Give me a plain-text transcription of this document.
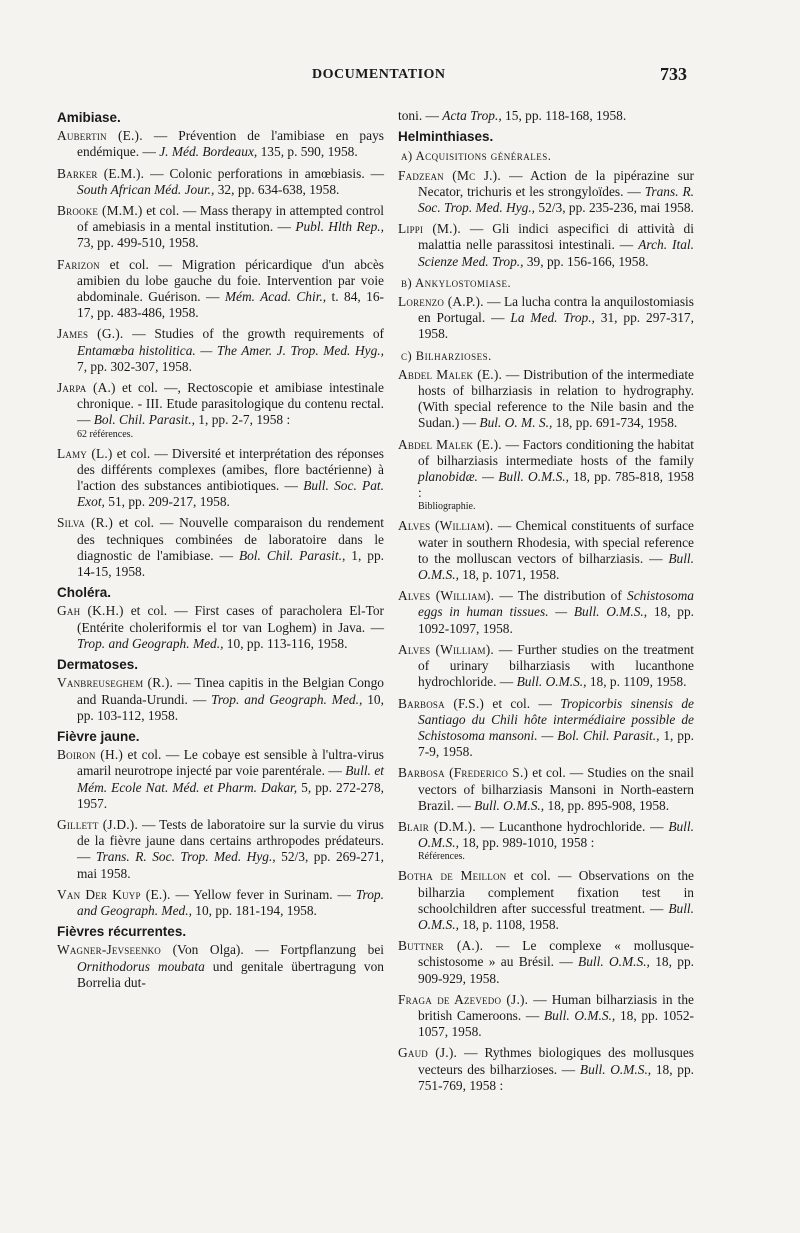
DOCUMENTATION	733
Amibiase.
Aubertin (E.). — Prévention de l'amibiase en pays endémique. — J. Méd. Bordeaux, 135, p. 590, 1958.
Barker (E.M.). — Colonic perforations in amœbiasis. — South African Méd. Jour., 32, pp. 634-638, 1958.
Brooke (M.M.) et col. — Mass therapy in attempted control of amebiasis in a mental institution. — Publ. Hlth Rep., 73, pp. 499-510, 1958.
Farizon et col. — Migration péricardique d'un abcès amibien du lobe gauche du foie. Intervention par voie abdominale. Guérison. — Mém. Acad. Chir., t. 84, 16-17, pp. 483-486, 1958.
James (G.). — Studies of the growth requirements of Entamœba histolitica. — The Amer. J. Trop. Med. Hyg., 7, pp. 302-307, 1958.
Jarpa (A.) et col. —, Rectoscopie et amibiase intestinale chronique. - III. Etude parasitologique du contenu rectal. — Bol. Chil. Parasit., 1, pp. 2-7, 1958 :
62 références.
Lamy (L.) et col. — Diversité et interprétation des réponses des différents complexes (amibes, flore bactérienne) à l'action des substances antibiotiques. — Bull. Soc. Pat. Exot, 51, pp. 209-217, 1958.
Silva (R.) et col. — Nouvelle comparaison du rendement des techniques combinées de laboratoire dans le diagnostic de l'amibiase. — Bol. Chil. Parasit., 1, pp. 14-15, 1958.
Choléra.
Gah (K.H.) et col. — First cases of paracholera El-Tor (Entérite choleriformis el tor van Loghem) in Java. — Trop. and Geograph. Med., 10, pp. 113-116, 1958.
Dermatoses.
Vanbreuseghem (R.). — Tinea capitis in the Belgian Congo and Ruanda-Urundi. — Trop. and Geograph. Med., 10, pp. 103-112, 1958.
Fièvre jaune.
Boiron (H.) et col. — Le cobaye est sensible à l'ultra-virus amaril neurotrope injecté par voie parentérale. — Bull. et Mém. Ecole Nat. Méd. et Pharm. Dakar, 5, pp. 272-278, 1957.
Gillett (J.D.). — Tests de laboratoire sur la survie du virus de la fièvre jaune dans certains arthropodes prédateurs. — Trans. R. Soc. Trop. Med. Hyg., 52/3, pp. 269-271, mai 1958.
Van Der Kuyp (E.). — Yellow fever in Surinam. — Trop. and Geograph. Med., 10, pp. 181-194, 1958.
Fièvres récurrentes.
Wagner-Jevseenko (Von Olga). — Fortpflanzung bei Ornithodorus moubata und genitale übertragung von Borrelia dut-
toni. — Acta Trop., 15, pp. 118-168, 1958.
Helminthiases.
a) Acquisitions générales.
Fadzean (Mc J.). — Action de la pipérazine sur Necator, trichuris et les strongyloïdes. — Trans. R. Soc. Trop. Med. Hyg., 52/3, pp. 235-236, mai 1958.
Lippi (M.). — Gli indici aspecifici di attività di malattia nelle parassitosi intestinali. — Arch. Ital. Scienze Med. Trop., 39, pp. 156-166, 1958.
b) Ankylostomiase.
Lorenzo (A.P.). — La lucha contra la anquilostomiasis en Portugal. — La Med. Trop., 31, pp. 297-317, 1958.
c) Bilharzioses.
Abdel Malek (E.). — Distribution of the intermediate hosts of bilharziasis in relation to hydrography. (With special reference to the Nile basin and the Sudan.) — Bul. O. M. S., 18, pp. 691-734, 1958.
Abdel Malek (E.). — Factors conditioning the habitat of bilharziasis intermediate hosts of the family planobidæ. — Bull. O.M.S., 18, pp. 785-818, 1958 :
Bibliographie.
Alves (William). — Chemical constituents of surface water in southern Rhodesia, with special reference to the molluscan vectors of bilharziasis. — Bull. O.M.S., 18, p. 1071, 1958.
Alves (William). — The distribution of Schistosoma eggs in human tissues. — Bull. O.M.S., 18, pp. 1092-1097, 1958.
Alves (William). — Further studies on the treatment of urinary bilharziasis with lucanthone hydrochloride. — Bull. O.M.S., 18, p. 1109, 1958.
Barbosa (F.S.) et col. — Tropicorbis sinensis de Santiago du Chili hôte intermédiaire possible de Schistosoma mansoni. — Bol. Chil. Parasit., 1, pp. 7-9, 1958.
Barbosa (Frederico S.) et col. — Studies on the snail vectors of bilharziasis Mansoni in North-eastern Brazil. — Bull. O.M.S., 18, pp. 895-908, 1958.
Blair (D.M.). — Lucanthone hydrochloride. — Bull. O.M.S., 18, pp. 989-1010, 1958 :
Références.
Botha de Meillon et col. — Observations on the bilharzia complement fixation test in schoolchildren after successful treatment. — Bull. O.M.S., 18, p. 1108, 1958.
Buttner (A.). — Le complexe « mollusque-schistosome » au Brésil. — Bull. O.M.S., 18, pp. 909-929, 1958.
Fraga de Azevedo (J.). — Human bilharziasis in the british Cameroons. — Bull. O.M.S., 18, pp. 1052-1057, 1958.
Gaud (J.). — Rythmes biologiques des mollusques vecteurs des bilharzioses. — Bull. O.M.S., 18, pp. 751-769, 1958 :
